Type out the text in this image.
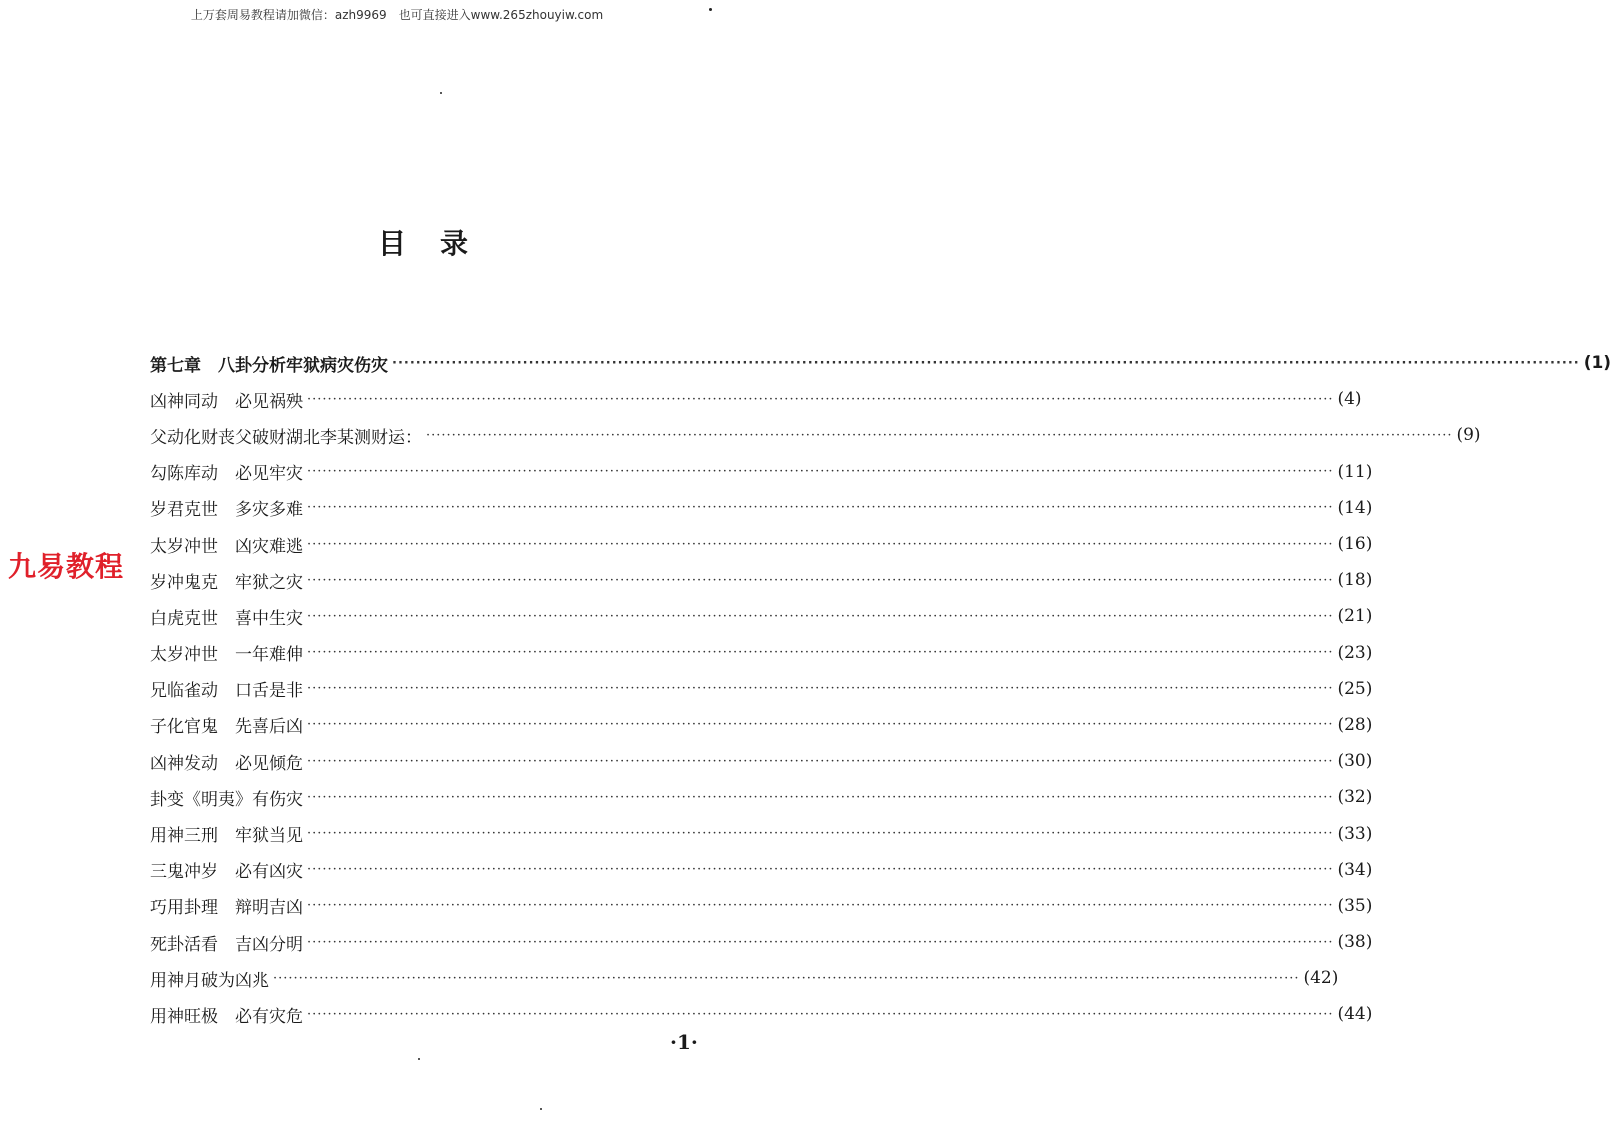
上万套周易教程请加微信：azh9969　也可直接进入www.265zhouyiw.com
九易教程
目录
第七章　八卦分析牢狱病灾伤灾 ········································································································································································································ (1)
凶神同动　必见祸殃 ········································································································································································································ (4)
父动化财丧父破财湖北李某测财运： ········································································································································································································ (9)
勾陈库动　必见牢灾 ········································································································································································································ (11)
岁君克世　多灾多难 ········································································································································································································ (14)
太岁冲世　凶灾难逃 ········································································································································································································ (16)
岁冲鬼克　牢狱之灾 ········································································································································································································ (18)
白虎克世　喜中生灾 ········································································································································································································ (21)
太岁冲世　一年难伸 ········································································································································································································ (23)
兄临雀动　口舌是非 ········································································································································································································ (25)
子化官鬼　先喜后凶 ········································································································································································································ (28)
凶神发动　必见倾危 ········································································································································································································ (30)
卦变《明夷》有伤灾 ········································································································································································································ (32)
用神三刑　牢狱当见 ········································································································································································································ (33)
三鬼冲岁　必有凶灾 ········································································································································································································ (34)
巧用卦理　辩明吉凶 ········································································································································································································ (35)
死卦活看　吉凶分明 ········································································································································································································ (38)
用神月破为凶兆 ········································································································································································································ (42)
用神旺极　必有灾危 ········································································································································································································ (44)
·1·
